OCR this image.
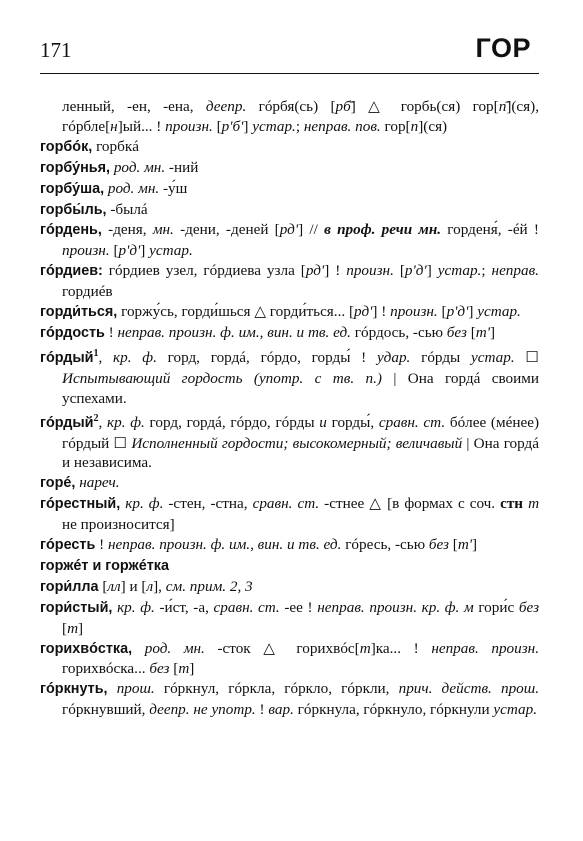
171	ГОР

ленный, -ен, -ена, деепр. гóрбя(сь) [рб̄] △ горбь(ся) гор[п̄](ся), гóрбле[н]ый... ! произн. [pʹбʹ] устар.; неправ. пов. гор[п](ся)

горбóк, горбкá

горбу́нья, род. мн. -ний

горбу́ша, род. мн. -у́ш

горбы́ль, -былá

гóрдень, -деня, мн. -дени, -деней [рдʹ] // в проф. речи мн. горденя́, -éй ! произн. [pʹдʹ] устар.

гóрдиев: гóрдиев узел, гóрдиева узла [рдʹ] ! произн. [pʹдʹ] устар.; неправ. гордиéв

горди́ться, горжу́сь, горди́шься △ горди́ться... [рдʹ] ! произн. [pʹдʹ] устар.

гóрдость ! неправ. произн. ф. им., вин. и тв. ед. гóрдось, -сью без [тʹ]

гóрдый$^1$, кр. ф. горд, гордá, гóрдо, горды́ ! удар. гóрды устар. ☐ Испытывающий гордость (употр. с тв. п.) | Она гордá своими успехами.

гóрдый$^2$, кр. ф. горд, гордá, гóрдо, гóрды и горды́, сравн. ст. бóлее (мéнее) гóрдый ☐ Исполненный гордости; высокомерный; величавый | Она гордá и независима.

горé, нареч.

гóрестный, кр. ф. -стен, -стна, сравн. ст. -стнее △ [в формах с соч. стн т не произносится]

гóресть ! неправ. произн. ф. им., вин. и тв. ед. гóресь, -сью без [тʹ]

горжéт и горжéтка

гори́лла [лл] и [л], см. прим. 2, 3

гори́стый, кр. ф. -и́ст, -а, сравн. ст. -ее ! неправ. произн. кр. ф. м гори́с без [т]

горихвóстка, род. мн. -сток △ горихвóс[т]ка... ! неправ. произн. горихвóска... без [т]

гóркнуть, прош. гóркнул, гóркла, гóркло, гóркли, прич. действ. прош. гóркнувший, деепр. не употр. ! вар. гóркнула, гóркнуло, гóркнули устар.
